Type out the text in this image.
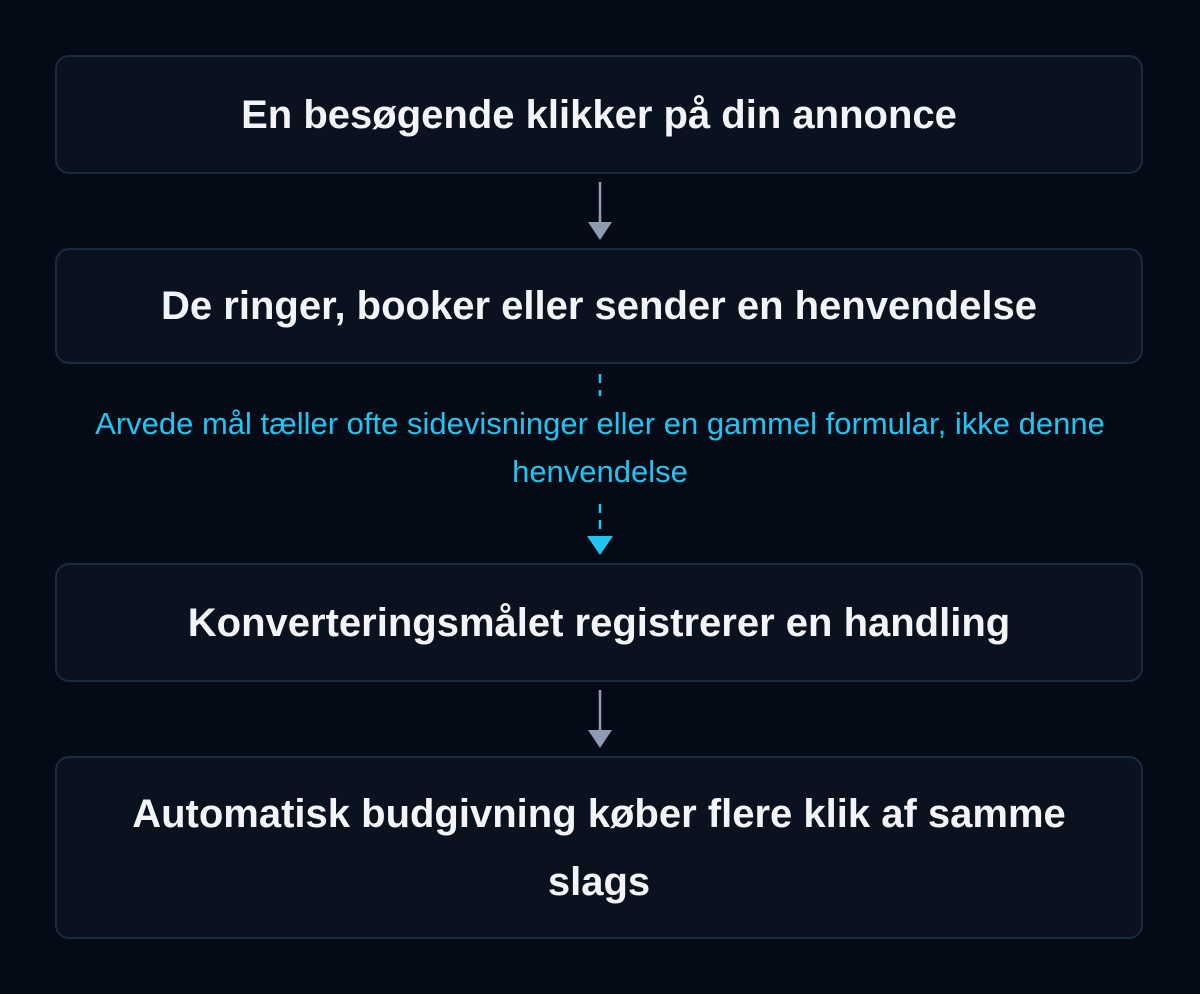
En besøgende klikker på din annonce
De ringer, booker eller sender en henvendelse
Arvede mål tæller ofte sidevisninger eller en gammel formular, ikke denne henvendelse
Konverteringsmålet registrerer en handling
Automatisk budgivning køber flere klik af samme slags
